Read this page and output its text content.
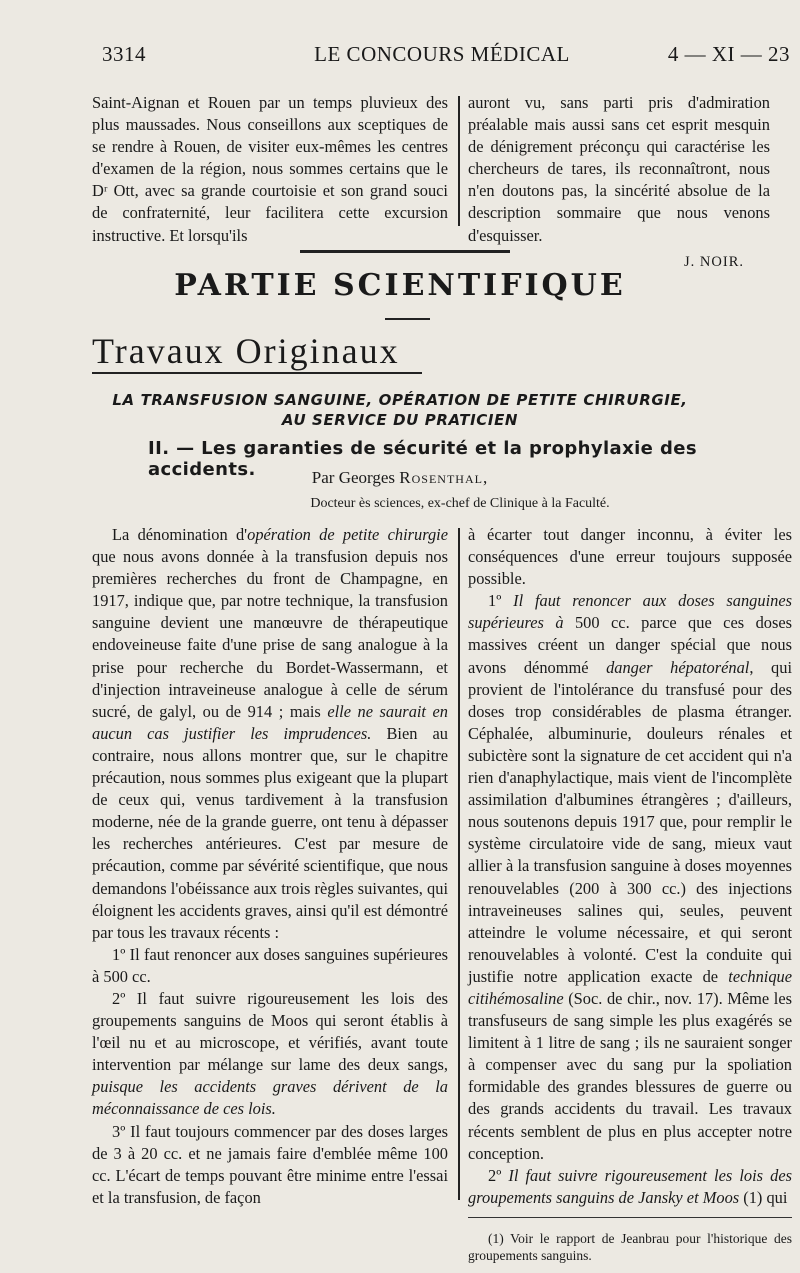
3314	LE CONCOURS MÉDICAL	4 — XI — 23

Saint-Aignan et Rouen par un temps pluvieux des plus maussades. Nous conseillons aux sceptiques de se rendre à Rouen, de visiter eux-mêmes les centres d'examen de la région, nous sommes certains que le Dʳ Ott, avec sa grande courtoisie et son grand souci de confraternité, leur facilitera cette excursion instructive. Et lorsqu'ils

auront vu, sans parti pris d'admiration préalable mais aussi sans cet esprit mesquin de dénigrement préconçu qui caractérise les chercheurs de tares, ils reconnaîtront, nous n'en doutons pas, la sincérité absolue de la description sommaire que nous venons d'esquisser.

J. NOIR.
PARTIE SCIENTIFIQUE
Travaux Originaux
LA TRANSFUSION SANGUINE, OPÉRATION DE PETITE CHIRURGIE,
AU SERVICE DU PRATICIEN
II. — Les garanties de sécurité et la prophylaxie des accidents.	Par Georges Rosenthal,
Docteur ès sciences, ex-chef de Clinique à la Faculté.

La dénomination d'opération de petite chirurgie que nous avons donnée à la transfusion depuis nos premières recherches du front de Champagne, en 1917, indique que, par notre technique, la transfusion sanguine devient une manœuvre de thérapeutique endoveineuse faite d'une prise de sang analogue à la prise pour recherche du Bordet-Wassermann, et d'injection intraveineuse analogue à celle de sérum sucré, de galyl, ou de 914 ; mais elle ne saurait en aucun cas justifier les imprudences. Bien au contraire, nous allons montrer que, sur le chapitre précaution, nous sommes plus exigeant que la plupart de ceux qui, venus tardivement à la transfusion moderne, née de la grande guerre, ont tenu à dépasser les recherches antérieures. C'est par mesure de précaution, comme par sévérité scientifique, que nous demandons l'obéissance aux trois règles suivantes, qui éloignent les accidents graves, ainsi qu'il est démontré par tous les travaux récents :

1º Il faut renoncer aux doses sanguines supérieures à 500 cc.

2º Il faut suivre rigoureusement les lois des groupements sanguins de Moos qui seront établis à l'œil nu et au microscope, et vérifiés, avant toute intervention par mélange sur lame des deux sangs, puisque les accidents graves dérivent de la méconnaissance de ces lois.

3º Il faut toujours commencer par des doses larges de 3 à 20 cc. et ne jamais faire d'emblée même 100 cc. L'écart de temps pouvant être minime entre l'essai et la transfusion, de façon

à écarter tout danger inconnu, à éviter les conséquences d'une erreur toujours supposée possible.

1º Il faut renoncer aux doses sanguines supérieures à 500 cc. parce que ces doses massives créent un danger spécial que nous avons dénommé danger hépatorénal, qui provient de l'intolérance du transfusé pour des doses trop considérables de plasma étranger. Céphalée, albuminurie, douleurs rénales et subictère sont la signature de cet accident qui n'a rien d'anaphylactique, mais vient de l'incomplète assimilation d'albumines étrangères ; d'ailleurs, nous soutenons depuis 1917 que, pour remplir le système circulatoire vide de sang, mieux vaut allier à la transfusion sanguine à doses moyennes renouvelables (200 à 300 cc.) des injections intraveineuses salines qui, seules, peuvent atteindre le volume nécessaire, et qui seront renouvelables à volonté. C'est la conduite qui justifie notre application exacte de technique citihémosaline (Soc. de chir., nov. 17). Même les transfuseurs de sang simple les plus exagérés se limitent à 1 litre de sang ; ils ne sauraient songer à compenser avec du sang pur la spoliation formidable des grandes blessures de guerre ou des grands accidents du travail. Les travaux récents semblent de plus en plus accepter notre conception.

2º Il faut suivre rigoureusement les lois des groupements sanguins de Jansky et Moos (1) qui

(1) Voir le rapport de Jeanbrau pour l'historique des groupements sanguins.
